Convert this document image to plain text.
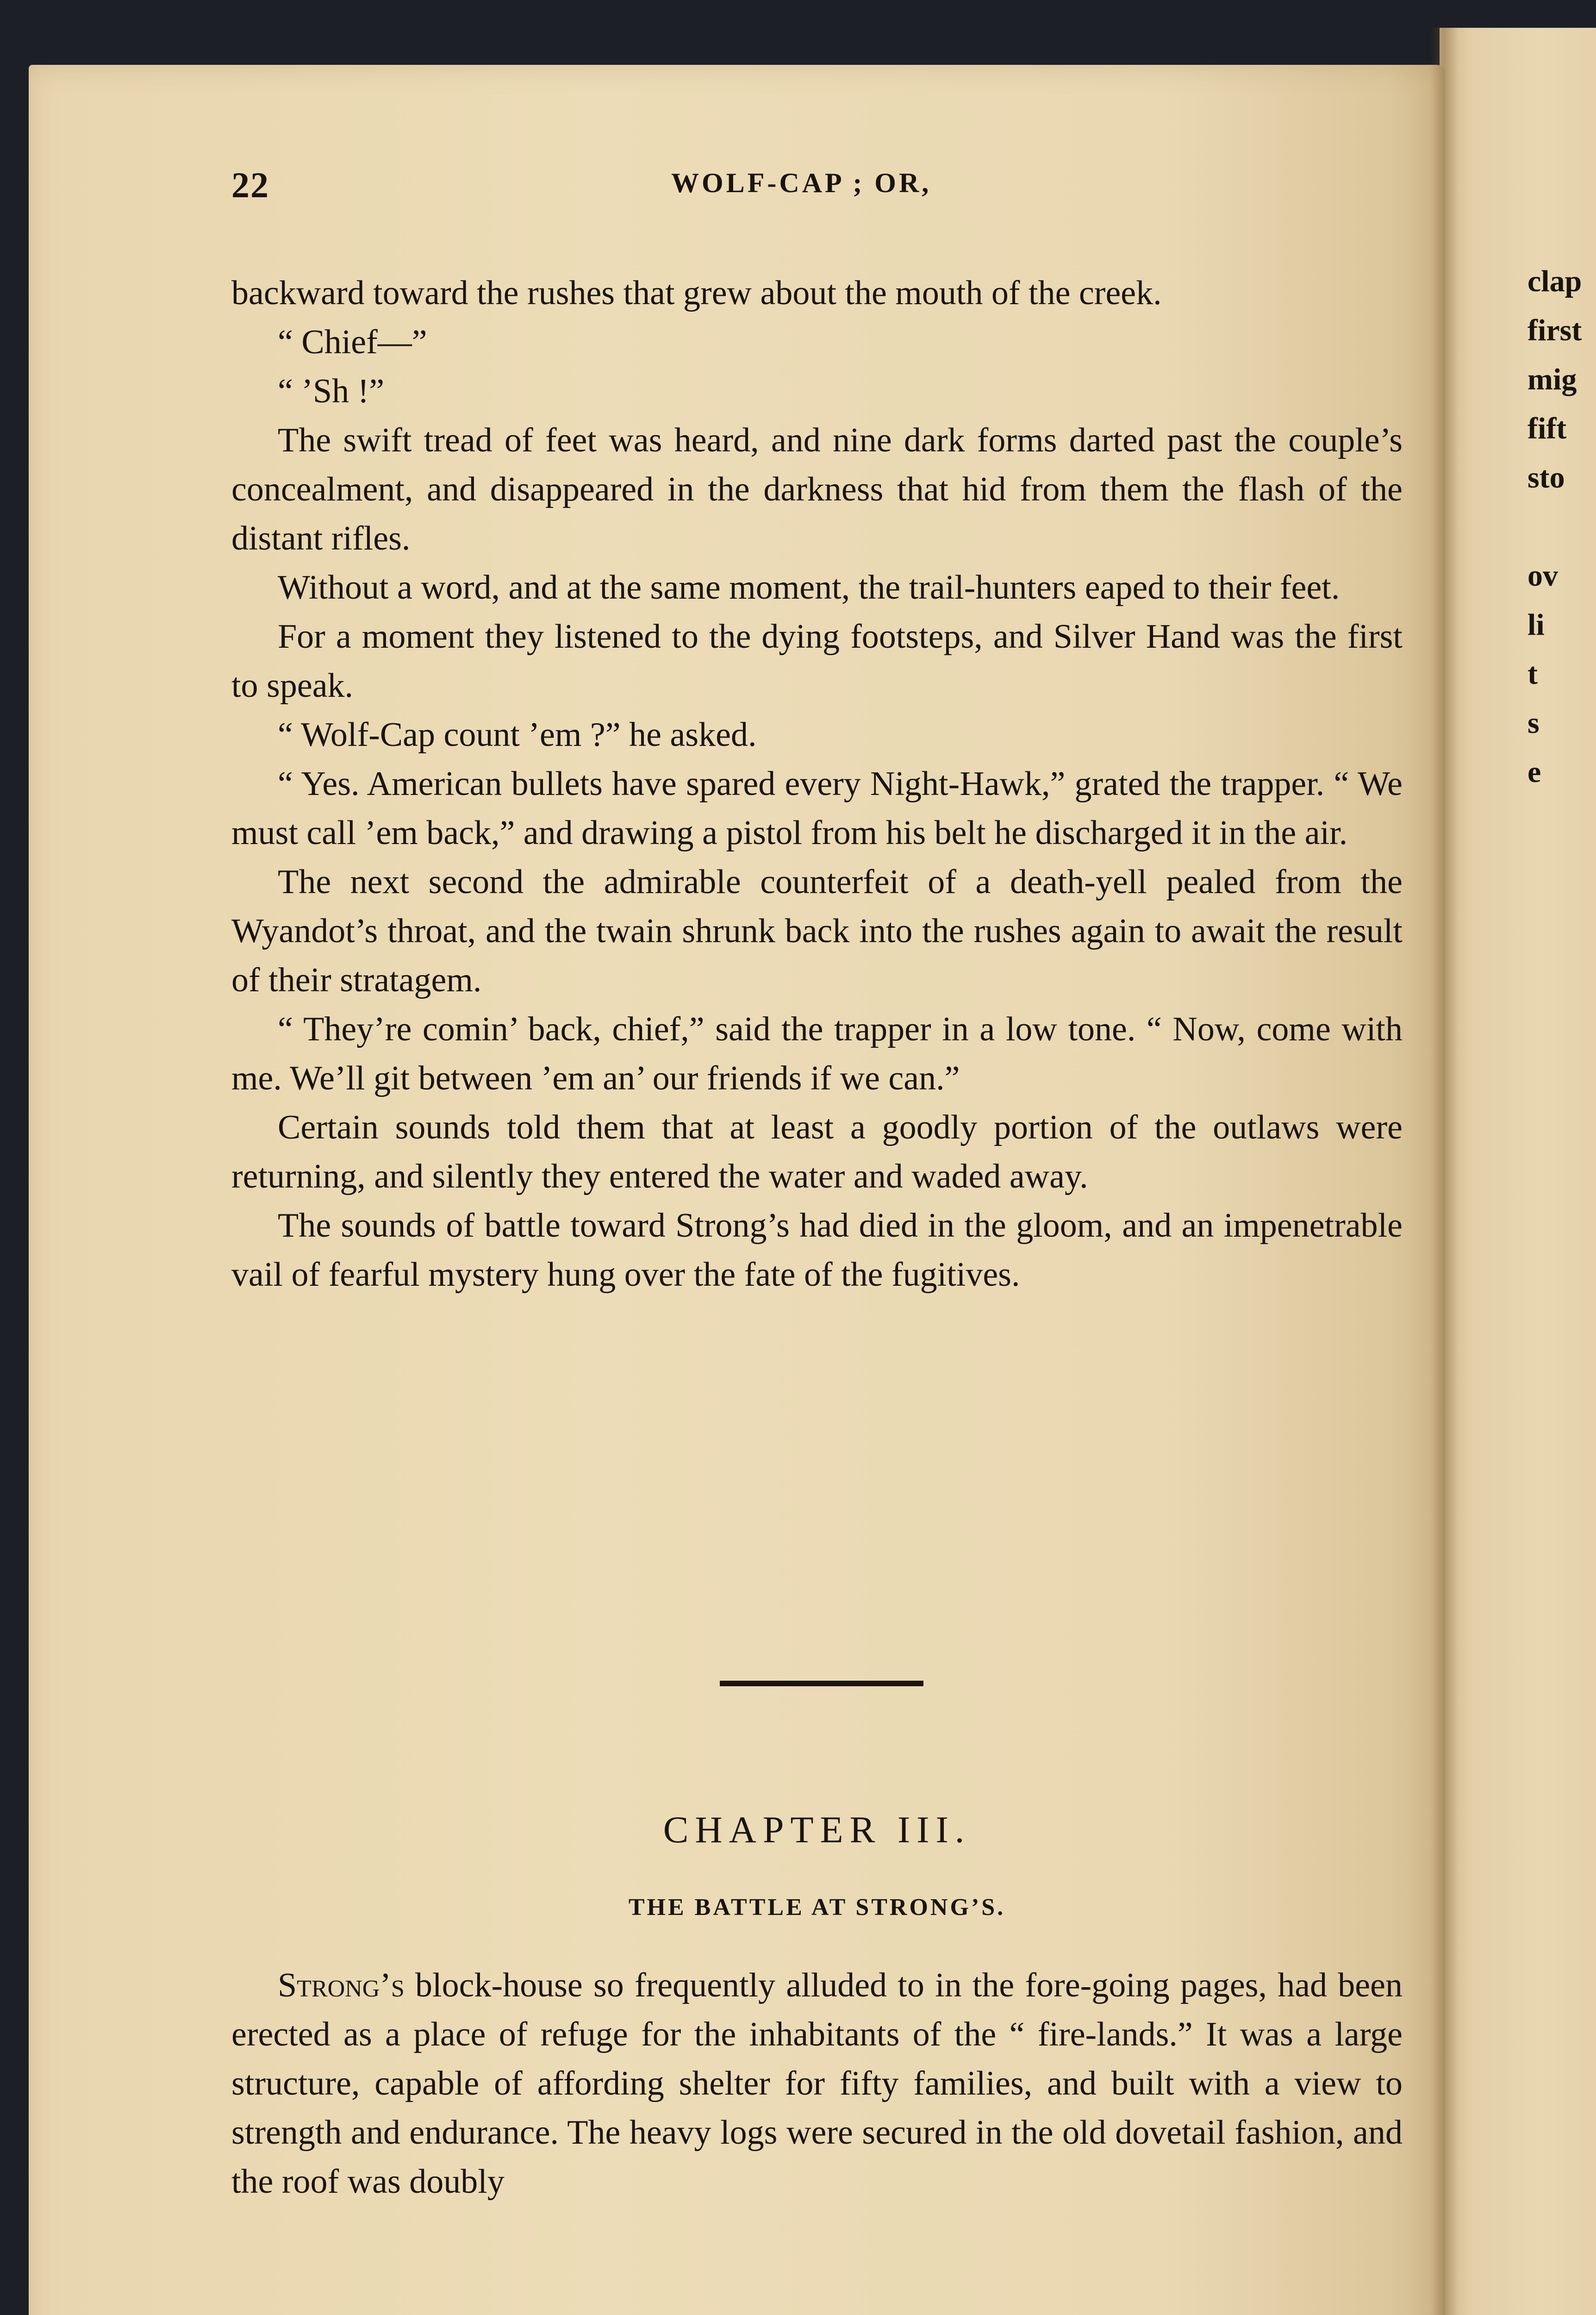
22	WOLF-CAP ; OR,

backward toward the rushes that grew about the mouth of the creek.

“ Chief—”

“ ’Sh !”

The swift tread of feet was heard, and nine dark forms darted past the couple’s concealment, and disappeared in the darkness that hid from them the flash of the distant rifles.

Without a word, and at the same moment, the trail-hunters eaped to their feet.

For a moment they listened to the dying footsteps, and Silver Hand was the first to speak.

“ Wolf-Cap count ’em ?” he asked.

“ Yes. American bullets have spared every Night-Hawk,” grated the trapper. “ We must call ’em back,” and drawing a pistol from his belt he discharged it in the air.

The next second the admirable counterfeit of a death-yell pealed from the Wyandot’s throat, and the twain shrunk back into the rushes again to await the result of their stratagem.

“ They’re comin’ back, chief,” said the trapper in a low tone. “ Now, come with me. We’ll git between ’em an’ our friends if we can.”

Certain sounds told them that at least a goodly portion of the outlaws were returning, and silently they entered the water and waded away.

The sounds of battle toward Strong’s had died in the gloom, and an impenetrable vail of fearful mystery hung over the fate of the fugitives.

CHAPTER III.
THE BATTLE AT STRONG’S.

Strong’s block-house so frequently alluded to in the fore-going pages, had been erected as a place of refuge for the inhabitants of the “ fire-lands.” It was a large structure, capable of affording shelter for fifty families, and built with a view to strength and endurance. The heavy logs were secured in the old dovetail fashion, and the roof was doubly

clap
first
mig
fift
sto
ov
li
t
s
e
